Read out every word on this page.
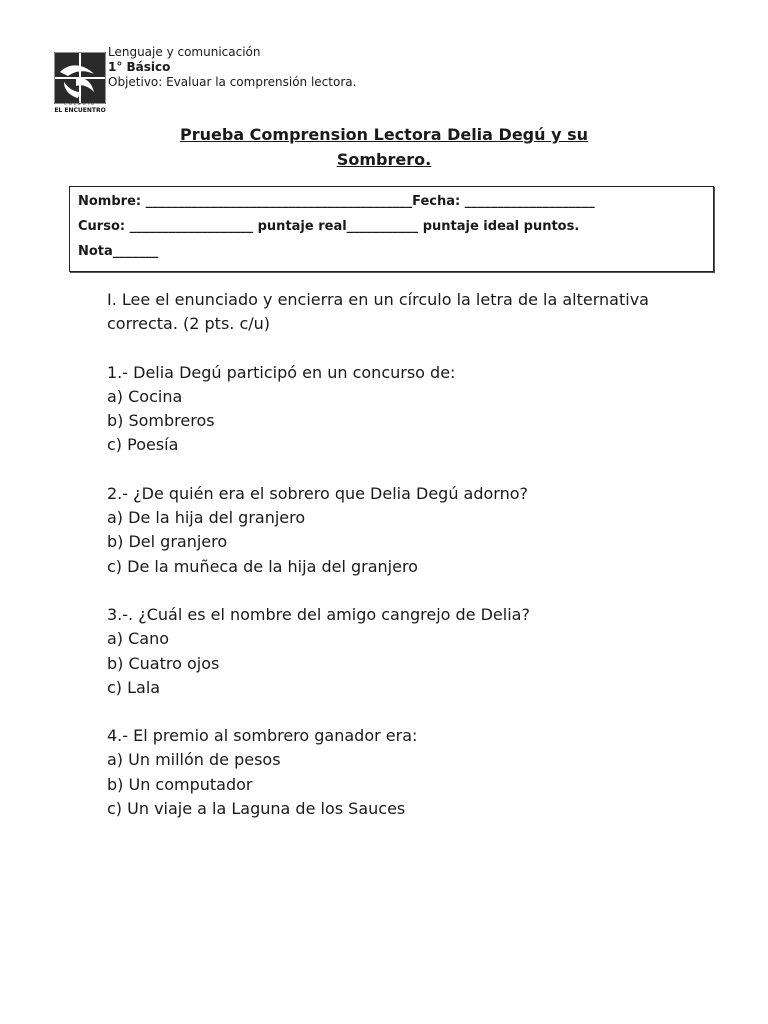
COLEGIO
EL ENCUENTRO
Lenguaje y comunicación
1° Básico
Objetivo: Evaluar la comprensión lectora.
Prueba Comprension Lectora Delia Degú y su
Sombrero.
Nombre: _________________________________________Fecha: ____________________
Curso: ___________________ puntaje real___________ puntaje ideal puntos.
Nota_______

I. Lee el enunciado y encierra en un círculo la letra de la alternativa correcta. (2 pts. c/u)

1.- Delia Degú participó en un concurso de:
a) Cocina
b) Sombreros
c) Poesía
2.- ¿De quién era el sobrero que Delia Degú adorno?
a) De la hija del granjero
b) Del granjero
c) De la muñeca de la hija del granjero
3.-. ¿Cuál es el nombre del amigo cangrejo de Delia?
a) Cano
b) Cuatro ojos
c) Lala
4.- El premio al sombrero ganador era:
a) Un millón de pesos
b) Un computador
c) Un viaje a la Laguna de los Sauces
